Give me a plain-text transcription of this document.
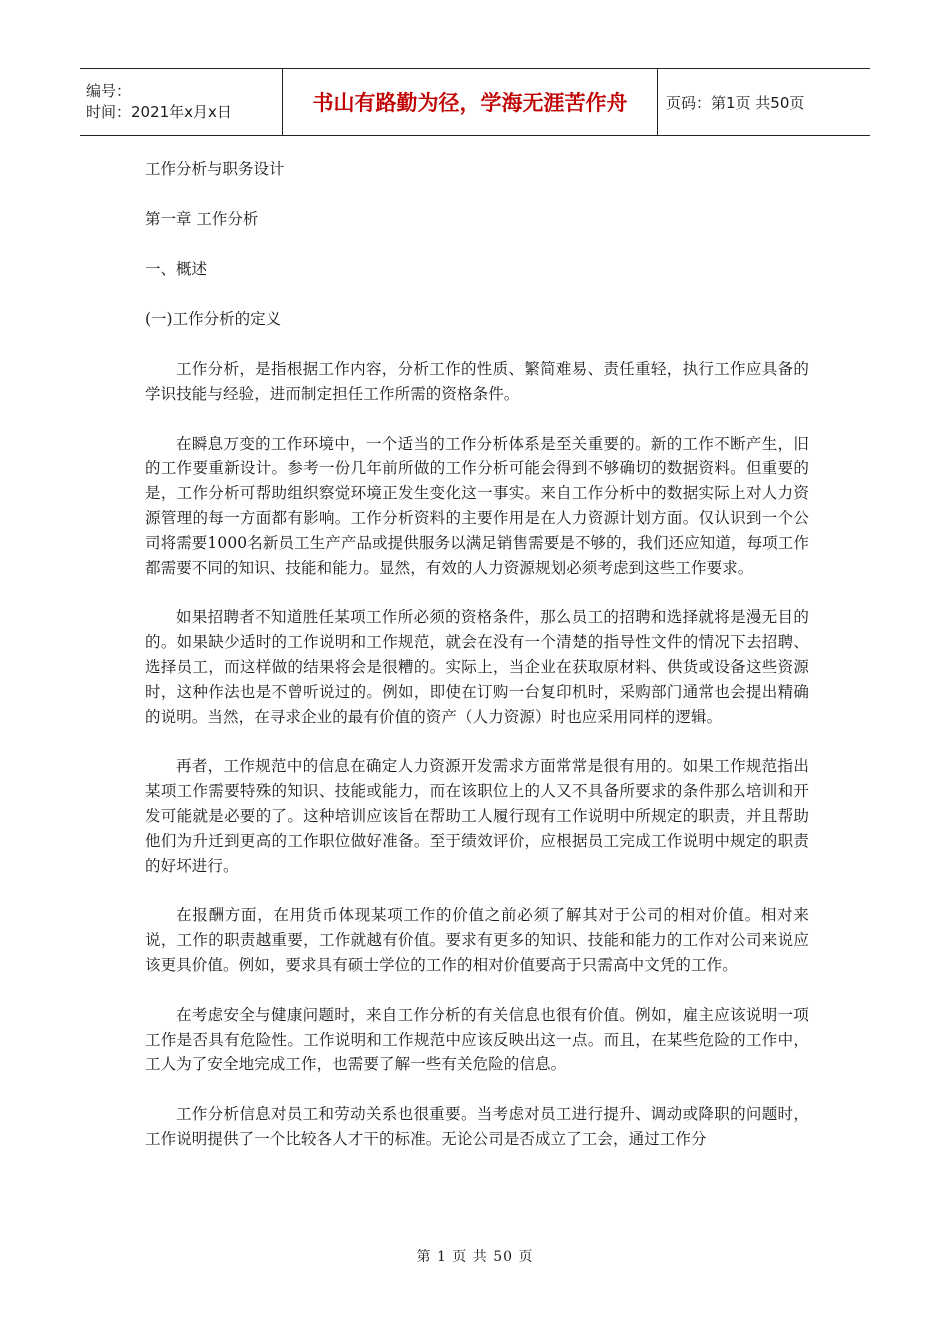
编号：
时间：2021年x月x日	书山有路勤为径，学海无涯苦作舟	页码：第1页 共50页
工作分析与职务设计
第一章 工作分析
一、概述
(一)工作分析的定义

工作分析，是指根据工作内容，分析工作的性质、繁简难易、责任重轻，执行工作应具备的学识技能与经验，进而制定担任工作所需的资格条件。

在瞬息万变的工作环境中，一个适当的工作分析体系是至关重要的。新的工作不断产生，旧的工作要重新设计。参考一份几年前所做的工作分析可能会得到不够确切的数据资料。但重要的是，工作分析可帮助组织察觉环境正发生变化这一事实。来自工作分析中的数据实际上对人力资源管理的每一方面都有影响。工作分析资料的主要作用是在人力资源计划方面。仅认识到一个公司将需要1000名新员工生产产品或提供服务以满足销售需要是不够的，我们还应知道，每项工作都需要不同的知识、技能和能力。显然，有效的人力资源规划必须考虑到这些工作要求。

如果招聘者不知道胜任某项工作所必须的资格条件，那么员工的招聘和选择就将是漫无目的的。如果缺少适时的工作说明和工作规范，就会在没有一个清楚的指导性文件的情况下去招聘、选择员工，而这样做的结果将会是很糟的。实际上，当企业在获取原材料、供货或设备这些资源时，这种作法也是不曾听说过的。例如，即使在订购一台复印机时，采购部门通常也会提出精确的说明。当然，在寻求企业的最有价值的资产（人力资源）时也应采用同样的逻辑。

再者，工作规范中的信息在确定人力资源开发需求方面常常是很有用的。如果工作规范指出某项工作需要特殊的知识、技能或能力，而在该职位上的人又不具备所要求的条件那么培训和开发可能就是必要的了。这种培训应该旨在帮助工人履行现有工作说明中所规定的职责，并且帮助他们为升迁到更高的工作职位做好准备。至于绩效评价，应根据员工完成工作说明中规定的职责的好坏进行。

在报酬方面，在用货币体现某项工作的价值之前必须了解其对于公司的相对价值。相对来说，工作的职责越重要，工作就越有价值。要求有更多的知识、技能和能力的工作对公司来说应该更具价值。例如，要求具有硕士学位的工作的相对价值要高于只需高中文凭的工作。

在考虑安全与健康问题时，来自工作分析的有关信息也很有价值。例如，雇主应该说明一项工作是否具有危险性。工作说明和工作规范中应该反映出这一点。而且，在某些危险的工作中，工人为了安全地完成工作，也需要了解一些有关危险的信息。

工作分析信息对员工和劳动关系也很重要。当考虑对员工进行提升、调动或降职的问题时，工作说明提供了一个比较各人才干的标准。无论公司是否成立了工会，通过工作分

第 1 页 共 50 页
